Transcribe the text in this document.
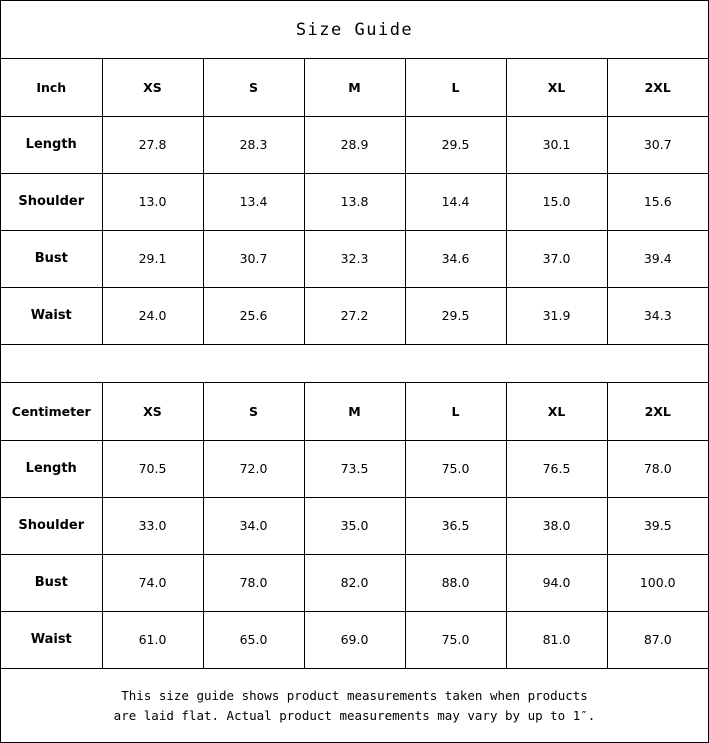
Size Guide
Inch	XS	S	M	L	XL	2XL
Length	27.8	28.3	28.9	29.5	30.1	30.7
Shoulder	13.0	13.4	13.8	14.4	15.0	15.6
Bust	29.1	30.7	32.3	34.6	37.0	39.4
Waist	24.0	25.6	27.2	29.5	31.9	34.3
Centimeter	XS	S	M	L	XL	2XL
Length	70.5	72.0	73.5	75.0	76.5	78.0
Shoulder	33.0	34.0	35.0	36.5	38.0	39.5
Bust	74.0	78.0	82.0	88.0	94.0	100.0
Waist	61.0	65.0	69.0	75.0	81.0	87.0
This size guide shows product measurements taken when products
are laid flat. Actual product measurements may vary by up to 1″.
